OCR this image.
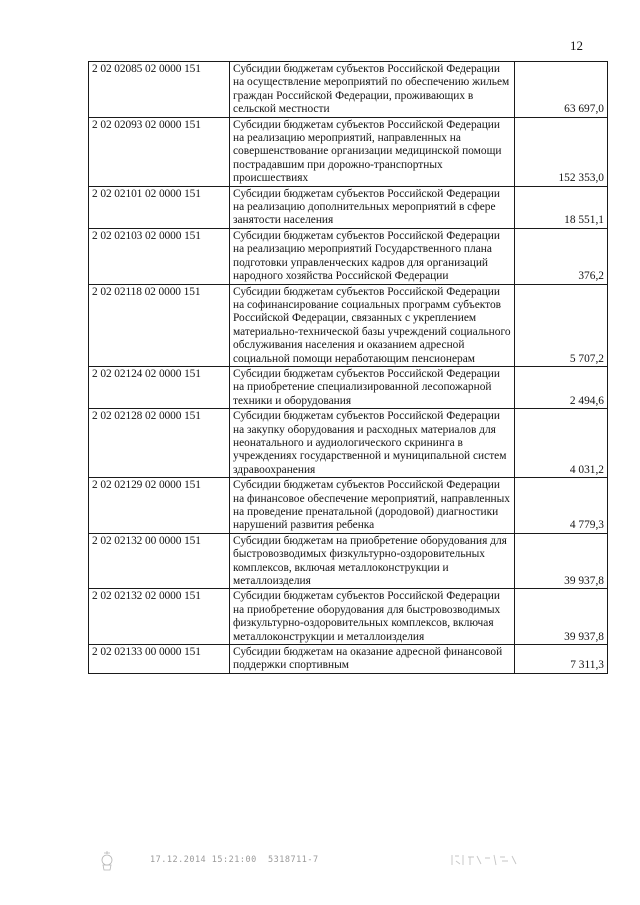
12
2 02 02085 02 0000 151	Субсидии бюджетам субъектов Российской Федерации на осуществление мероприятий по обеспечению жильем граждан Российской Федерации, проживающих в сельской местности	63 697,0
2 02 02093 02 0000 151	Субсидии бюджетам субъектов Российской Федерации на реализацию мероприятий, направленных на совершенствование организации медицинской помощи пострадавшим при дорожно-транспортных происшествиях	152 353,0
2 02 02101 02 0000 151	Субсидии бюджетам субъектов Российской Федерации на реализацию дополнительных мероприятий в сфере занятости населения	18 551,1
2 02 02103 02 0000 151	Субсидии бюджетам субъектов Российской Федерации на реализацию мероприятий Государственного плана подготовки управленческих кадров для организаций народного хозяйства Российской Федерации	376,2
2 02 02118 02 0000 151	Субсидии бюджетам субъектов Российской Федерации на софинансирование социальных программ субъектов Российской Федерации, связанных с укреплением материально-технической базы учреждений социального обслуживания населения и оказанием адресной социальной помощи неработающим пенсионерам	5 707,2
2 02 02124 02 0000 151	Субсидии бюджетам субъектов Российской Федерации на приобретение специализированной лесопожарной техники и оборудования	2 494,6
2 02 02128 02 0000 151	Субсидии бюджетам субъектов Российской Федерации на закупку оборудования и расходных материалов для неонатального и аудиологического скрининга в учреждениях государственной и муниципальной систем здравоохранения	4 031,2
2 02 02129 02 0000 151	Субсидии бюджетам субъектов Российской Федерации на финансовое обеспечение мероприятий, направленных на проведение пренатальной (дородовой) диагностики нарушений развития ребенка	4 779,3
2 02 02132 00 0000 151	Субсидии бюджетам на приобретение оборудования для быстровозводимых физкультурно-оздоровительных комплексов, включая металлоконструкции и металлоизделия	39 937,8
2 02 02132 02 0000 151	Субсидии бюджетам субъектов Российской Федерации на приобретение оборудования для быстровозводимых физкультурно-оздоровительных комплексов, включая металлоконструкции и металлоизделия	39 937,8
2 02 02133 00 0000 151	Субсидии бюджетам на оказание адресной финансовой поддержки спортивным	7 311,3
17.12.2014 15:21:00 5318711-7
